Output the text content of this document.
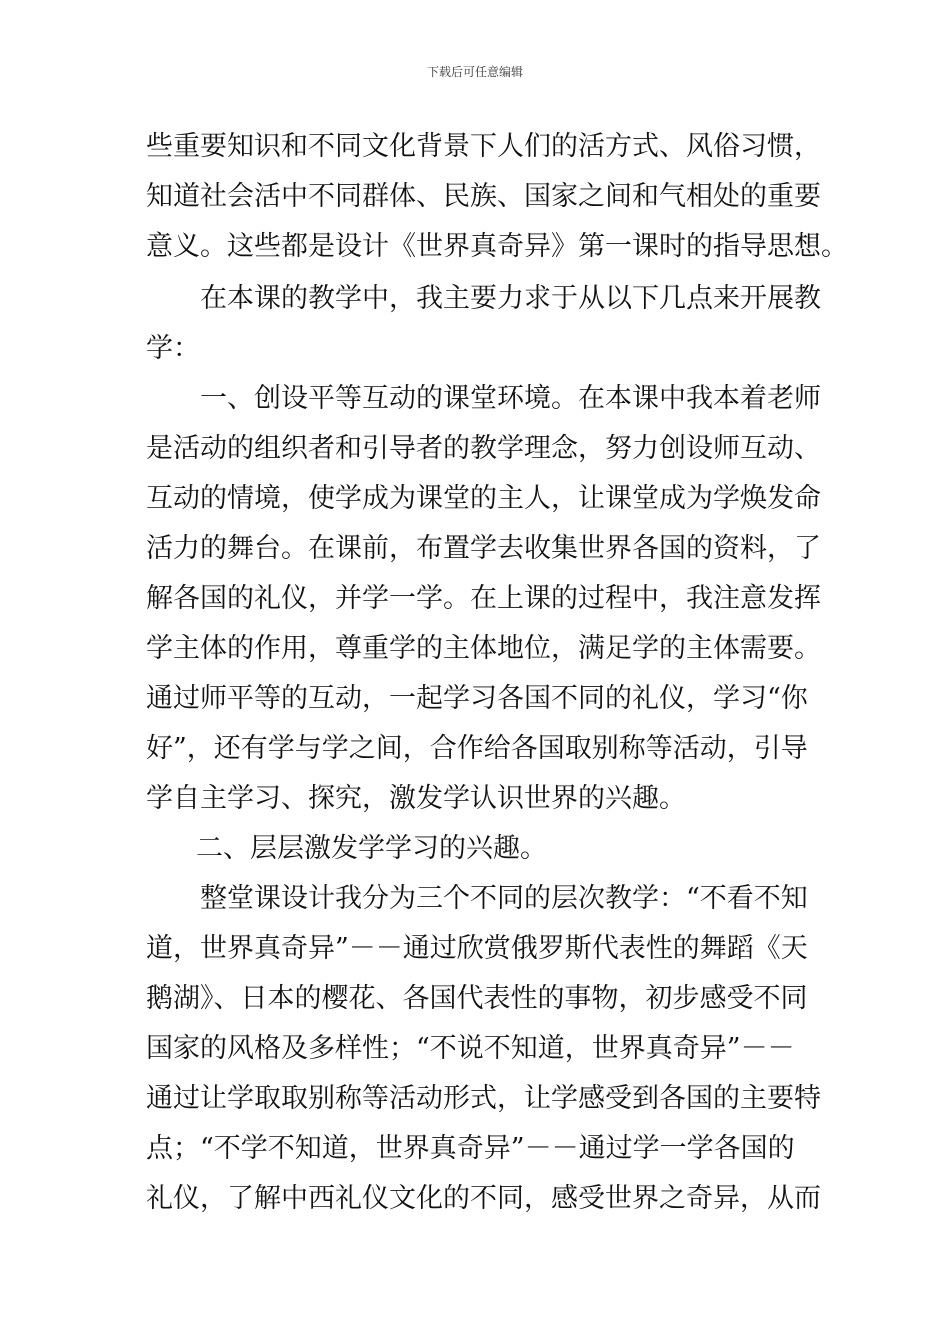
下载后可任意编辑
些重要知识和不同文化背景下人们的活方式、风俗习惯，
知道社会活中不同群体、民族、国家之间和气相处的重要
意义。这些都是设计《世界真奇异》第一课时的指导思想。
在本课的教学中，我主要力求于从以下几点来开展教
学：
一、创设平等互动的课堂环境。在本课中我本着老师
是活动的组织者和引导者的教学理念，努力创设师互动、
互动的情境，使学成为课堂的主人，让课堂成为学焕发命
活力的舞台。在课前，布置学去收集世界各国的资料，了
解各国的礼仪，并学一学。在上课的过程中，我注意发挥
学主体的作用，尊重学的主体地位，满足学的主体需要。
通过师平等的互动，一起学习各国不同的礼仪，学习“你
好”，还有学与学之间，合作给各国取别称等活动，引导
学自主学习、探究，激发学认识世界的兴趣。
二、层层激发学学习的兴趣。
整堂课设计我分为三个不同的层次教学：“不看不知
道，世界真奇异”－－通过欣赏俄罗斯代表性的舞蹈《天
鹅湖》、日本的樱花、各国代表性的事物，初步感受不同
国家的风格及多样性；“不说不知道，世界真奇异”－－
通过让学取取别称等活动形式，让学感受到各国的主要特
点；“不学不知道，世界真奇异”－－通过学一学各国的
礼仪，了解中西礼仪文化的不同，感受世界之奇异，从而
